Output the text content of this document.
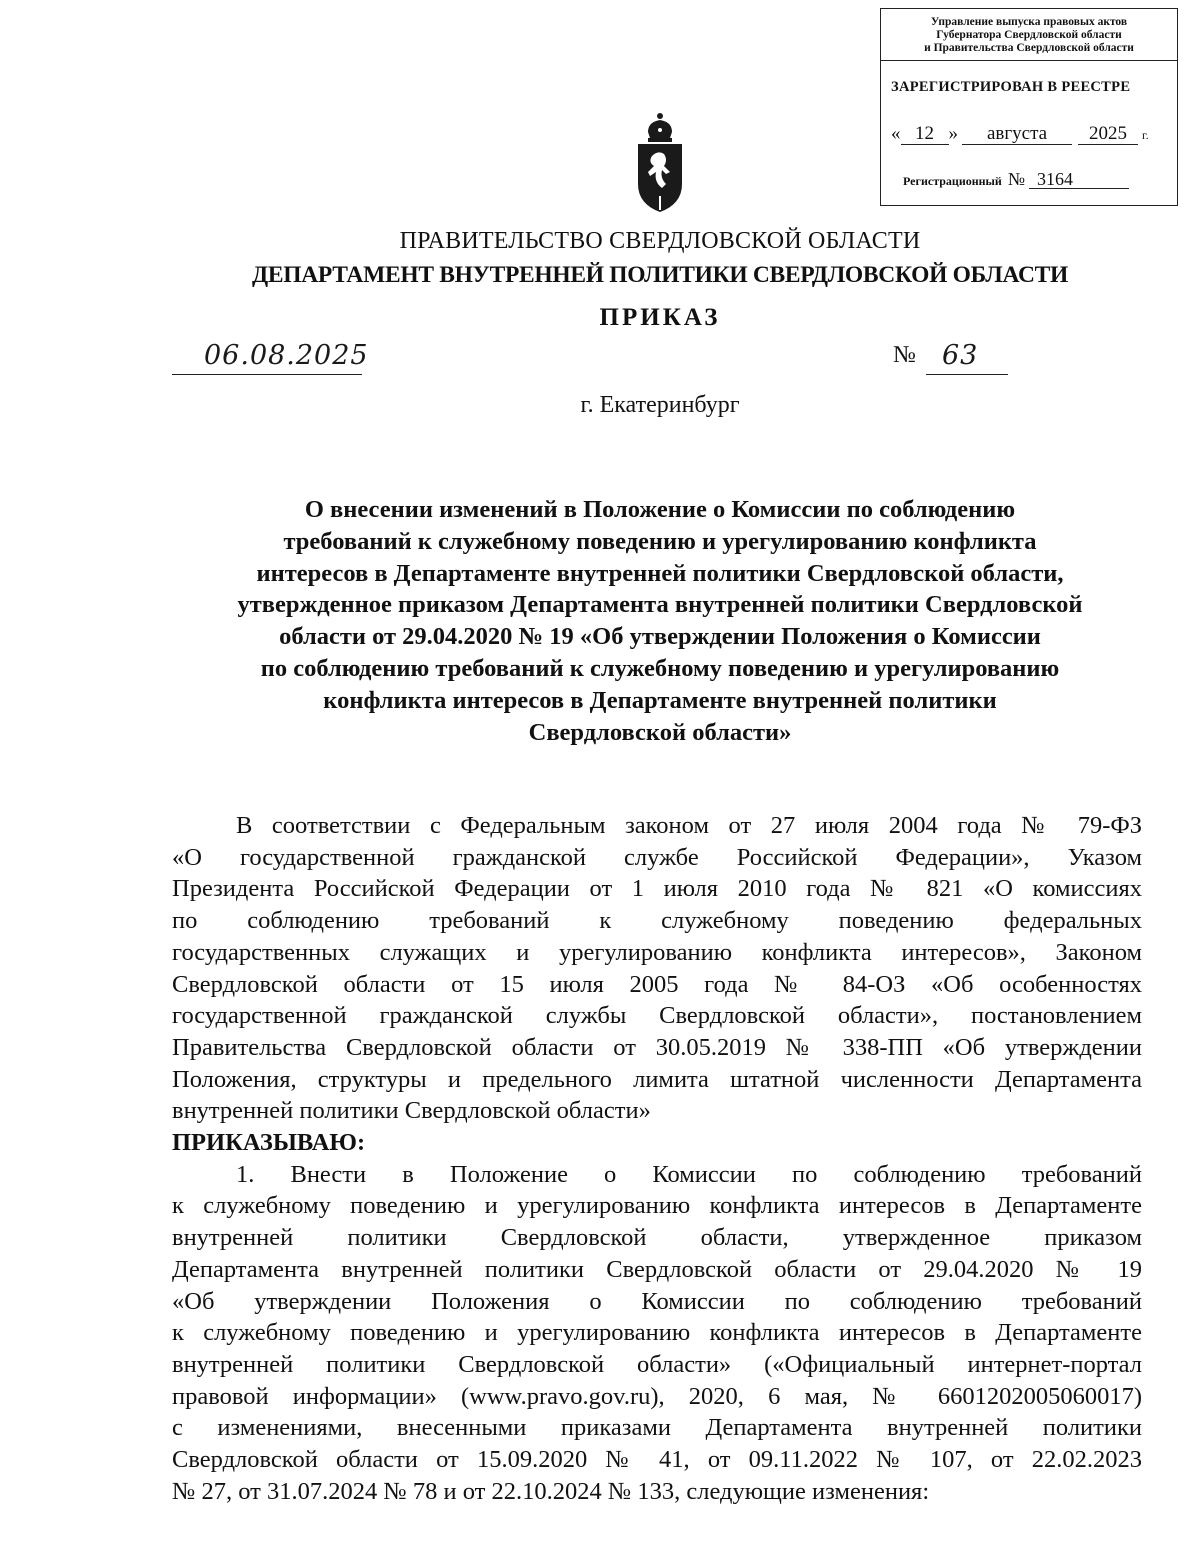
Управление выпуска правовых актов
Губернатора Свердловской области
и Правительства Свердловской области
ЗАРЕГИСТРИРОВАН В РЕЕСТРЕ
« 12 » августа 2025 г.
Регистрационный № 3164
ПРАВИТЕЛЬСТВО СВЕРДЛОВСКОЙ ОБЛАСТИ
ДЕПАРТАМЕНТ ВНУТРЕННЕЙ ПОЛИТИКИ СВЕРДЛОВСКОЙ ОБЛАСТИ
ПРИКАЗ
06.08.2025	№ 63
г. Екатеринбург
О внесении изменений в Положение о Комиссии по соблюдению
требований к служебному поведению и урегулированию конфликта
интересов в Департаменте внутренней политики Свердловской области,
утвержденное приказом Департамента внутренней политики Свердловской
области от 29.04.2020 № 19 «Об утверждении Положения о Комиссии
по соблюдению требований к служебному поведению и урегулированию
конфликта интересов в Департаменте внутренней политики
Свердловской области»
В соответствии с Федеральным законом от 27 июля 2004 года № 79-ФЗ
«О государственной гражданской службе Российской Федерации», Указом
Президента Российской Федерации от 1 июля 2010 года № 821 «О комиссиях
по соблюдению требований к служебному поведению федеральных
государственных служащих и урегулированию конфликта интересов», Законом
Свердловской области от 15 июля 2005 года № 84-ОЗ «Об особенностях
государственной гражданской службы Свердловской области», постановлением
Правительства Свердловской области от 30.05.2019 № 338-ПП «Об утверждении
Положения, структуры и предельного лимита штатной численности Департамента
внутренней политики Свердловской области»
ПРИКАЗЫВАЮ:
1. Внести в Положение о Комиссии по соблюдению требований
к служебному поведению и урегулированию конфликта интересов в Департаменте
внутренней политики Свердловской области, утвержденное приказом
Департамента внутренней политики Свердловской области от 29.04.2020 № 19
«Об утверждении Положения о Комиссии по соблюдению требований
к служебному поведению и урегулированию конфликта интересов в Департаменте
внутренней политики Свердловской области» («Официальный интернет-портал
правовой информации» (www.pravo.gov.ru), 2020, 6 мая, № 6601202005060017)
с изменениями, внесенными приказами Департамента внутренней политики
Свердловской области от 15.09.2020 № 41, от 09.11.2022 № 107, от 22.02.2023
№ 27, от 31.07.2024 № 78 и от 22.10.2024 № 133, следующие изменения:
